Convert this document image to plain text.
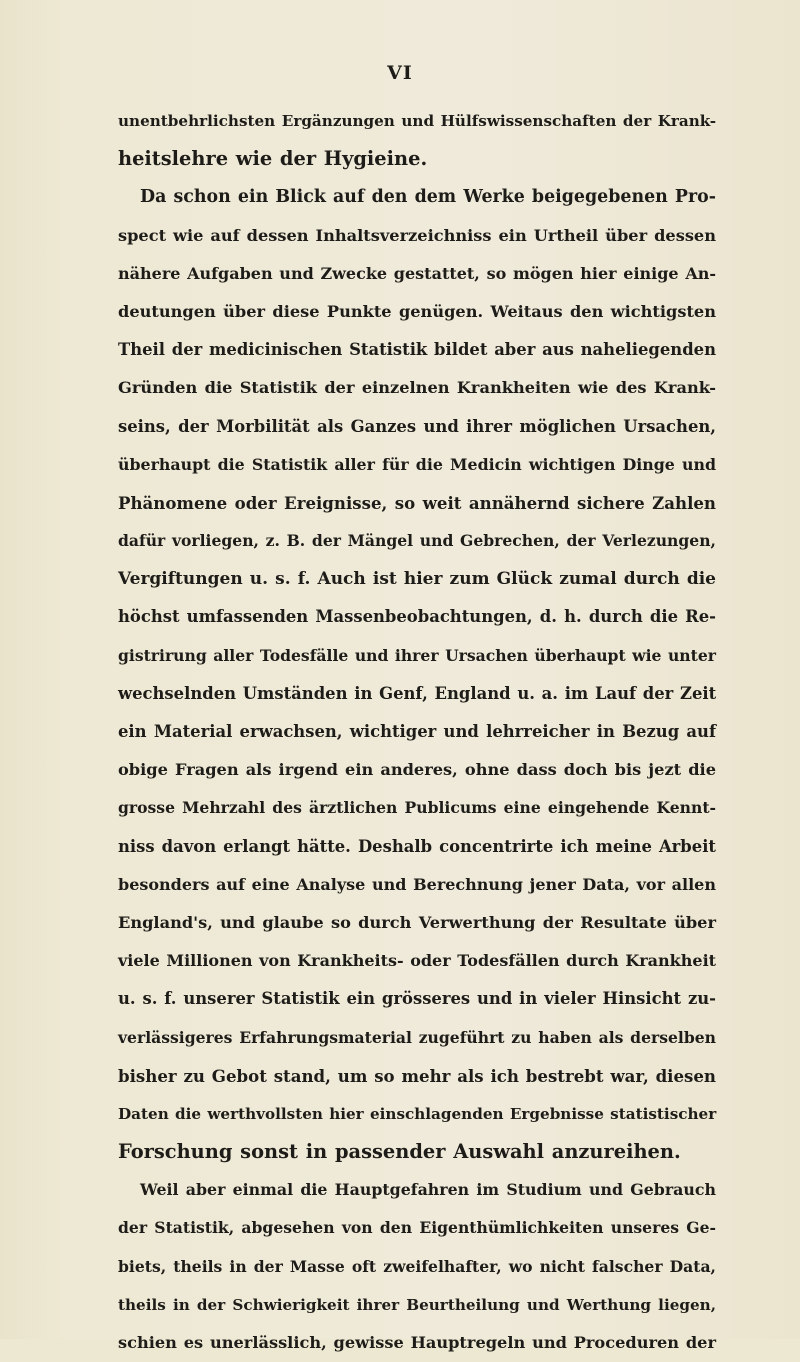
VI
unentbehrlichsten Ergänzungen und Hülfswissenschaften der Krank-
heitslehre wie der Hygieine.
Da schon ein Blick auf den dem Werke beigegebenen Pro-
spect wie auf dessen Inhaltsverzeichniss ein Urtheil über dessen
nähere Aufgaben und Zwecke gestattet, so mögen hier einige An-
deutungen über diese Punkte genügen. Weitaus den wichtigsten
Theil der medicinischen Statistik bildet aber aus naheliegenden
Gründen die Statistik der einzelnen Krankheiten wie des Krank-
seins, der Morbilität als Ganzes und ihrer möglichen Ursachen,
überhaupt die Statistik aller für die Medicin wichtigen Dinge und
Phänomene oder Ereignisse, so weit annähernd sichere Zahlen
dafür vorliegen, z. B. der Mängel und Gebrechen, der Verlezungen,
Vergiftungen u. s. f. Auch ist hier zum Glück zumal durch die
höchst umfassenden Massenbeobachtungen, d. h. durch die Re-
gistrirung aller Todesfälle und ihrer Ursachen überhaupt wie unter
wechselnden Umständen in Genf, England u. a. im Lauf der Zeit
ein Material erwachsen, wichtiger und lehrreicher in Bezug auf
obige Fragen als irgend ein anderes, ohne dass doch bis jezt die
grosse Mehrzahl des ärztlichen Publicums eine eingehende Kennt-
niss davon erlangt hätte. Deshalb concentrirte ich meine Arbeit
besonders auf eine Analyse und Berechnung jener Data, vor allen
England's, und glaube so durch Verwerthung der Resultate über
viele Millionen von Krankheits- oder Todesfällen durch Krankheit
u. s. f. unserer Statistik ein grösseres und in vieler Hinsicht zu-
verlässigeres Erfahrungsmaterial zugeführt zu haben als derselben
bisher zu Gebot stand, um so mehr als ich bestrebt war, diesen
Daten die werthvollsten hier einschlagenden Ergebnisse statistischer
Forschung sonst in passender Auswahl anzureihen.
Weil aber einmal die Hauptgefahren im Studium und Gebrauch
der Statistik, abgesehen von den Eigenthümlichkeiten unseres Ge-
biets, theils in der Masse oft zweifelhafter, wo nicht falscher Data,
theils in der Schwierigkeit ihrer Beurtheilung und Werthung liegen,
schien es unerlässlich, gewisse Hauptregeln und Proceduren der
